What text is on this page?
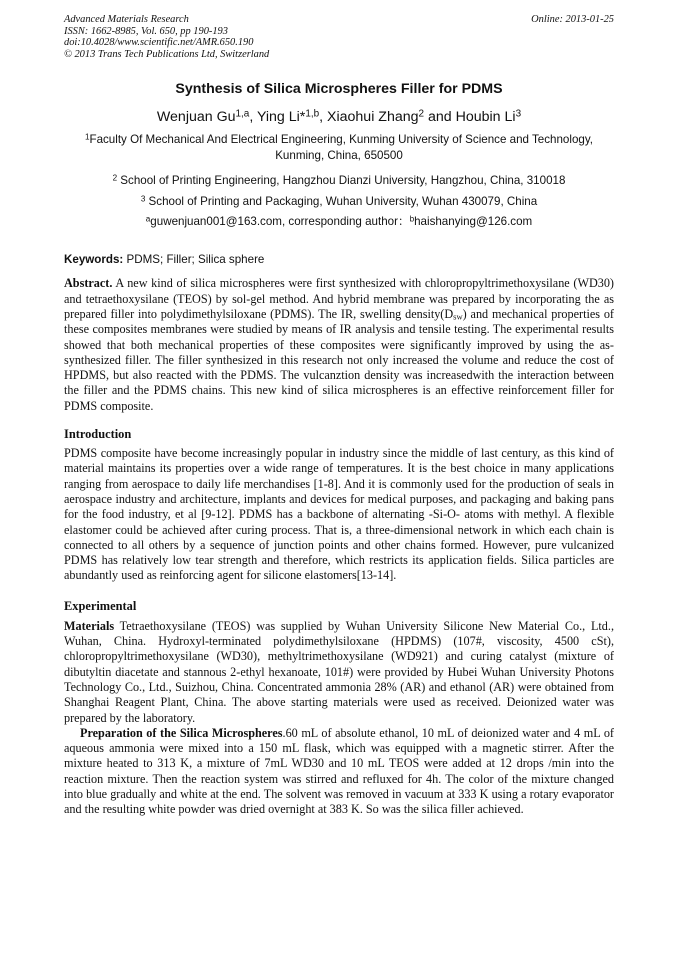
Advanced Materials Research
ISSN: 1662-8985, Vol. 650, pp 190-193
doi:10.4028/www.scientific.net/AMR.650.190
© 2013 Trans Tech Publications Ltd, Switzerland
Online: 2013-01-25
Synthesis of Silica Microspheres Filler for PDMS
Wenjuan Gu$^{1,a}$, Ying Li*$^{1,b}$, Xiaohui Zhang$^2$ and Houbin Li$^3$
$^1$Faculty Of Mechanical And Electrical Engineering, Kunming University of Science and Technology, Kunming, China, 650500
$^2$ School of Printing Engineering, Hangzhou Dianzi University, Hangzhou, China, 310018
$^3$ School of Printing and Packaging, Wuhan University, Wuhan 430079, China
$^a$guwenjuan001@163.com, corresponding author：$^b$haishanying@126.com
Keywords: PDMS; Filler; Silica sphere
Abstract. A new kind of silica microspheres were first synthesized with chloropropyltrimethoxysilane (WD30) and tetraethoxysilane (TEOS) by sol-gel method. And hybrid membrane was prepared by incorporating the as prepared filler into polydimethylsiloxane (PDMS). The IR, swelling $density(D_{sw})$ and mechanical properties of these composites membranes were studied by means of IR analysis and tensile testing. The experimental results showed that both mechanical properties of these composites were significantly improved by using the as-synthesized filler. The filler synthesized in this research not only increased the volume and reduce the cost of HPDMS, but also reacted with the PDMS. The vulcanztion density was increasedwith the interaction between the filler and the PDMS chains. This new kind of silica microspheres is an effective reinforcement filler for PDMS composite.
Introduction
PDMS composite have become increasingly popular in industry since the middle of last century, as this kind of material maintains its properties over a wide range of temperatures. It is the best choice in many applications ranging from aerospace to daily life merchandises [1-8]. And it is commonly used for the production of seals in aerospace industry and architecture, implants and devices for medical purposes, and packaging and baking pans for the food industry, et al [9-12]. PDMS has a backbone of alternating -Si-O- atoms with methyl. A flexible elastomer could be achieved after curing process. That is, a three-dimensional network in which each chain is connected to all others by a sequence of junction points and other chains formed. However, pure vulcanized PDMS has relatively low tear strength and therefore, which restricts its application fields. Silica particles are abundantly used as reinforcing agent for silicone elastomers[13-14].
Experimental
Materials Tetraethoxysilane (TEOS) was supplied by Wuhan University Silicone New Material Co., Ltd., Wuhan, China. Hydroxyl-terminated polydimethylsiloxane (HPDMS) (107#, viscosity, 4500 cSt), chloropropyltrimethoxysilane (WD30), methyltrimethoxysilane (WD921) and curing catalyst (mixture of dibutyltin diacetate and stannous 2-ethyl hexanoate, 101#) were provided by Hubei Wuhan University Photons Technology Co., Ltd., Suizhou, China. Concentrated ammonia 28% (AR) and ethanol (AR) were obtained from Shanghai Reagent Plant, China. The above starting materials were used as received. Deionized water was prepared by the laboratory.
Preparation of the Silica Microspheres.60 mL of absolute ethanol, 10 mL of deionized water and 4 mL of aqueous ammonia were mixed into a 150 mL flask, which was equipped with a magnetic stirrer. After the mixture heated to 313 K, a mixture of 7mL WD30 and 10 mL TEOS were added at 12 drops /min into the reaction mixture. Then the reaction system was stirred and refluxed for 4h. The color of the mixture changed into blue gradually and white at the end. The solvent was removed in vacuum at 333 K using a rotary evaporator and the resulting white powder was dried overnight at 383 K. So was the silica filler achieved.
